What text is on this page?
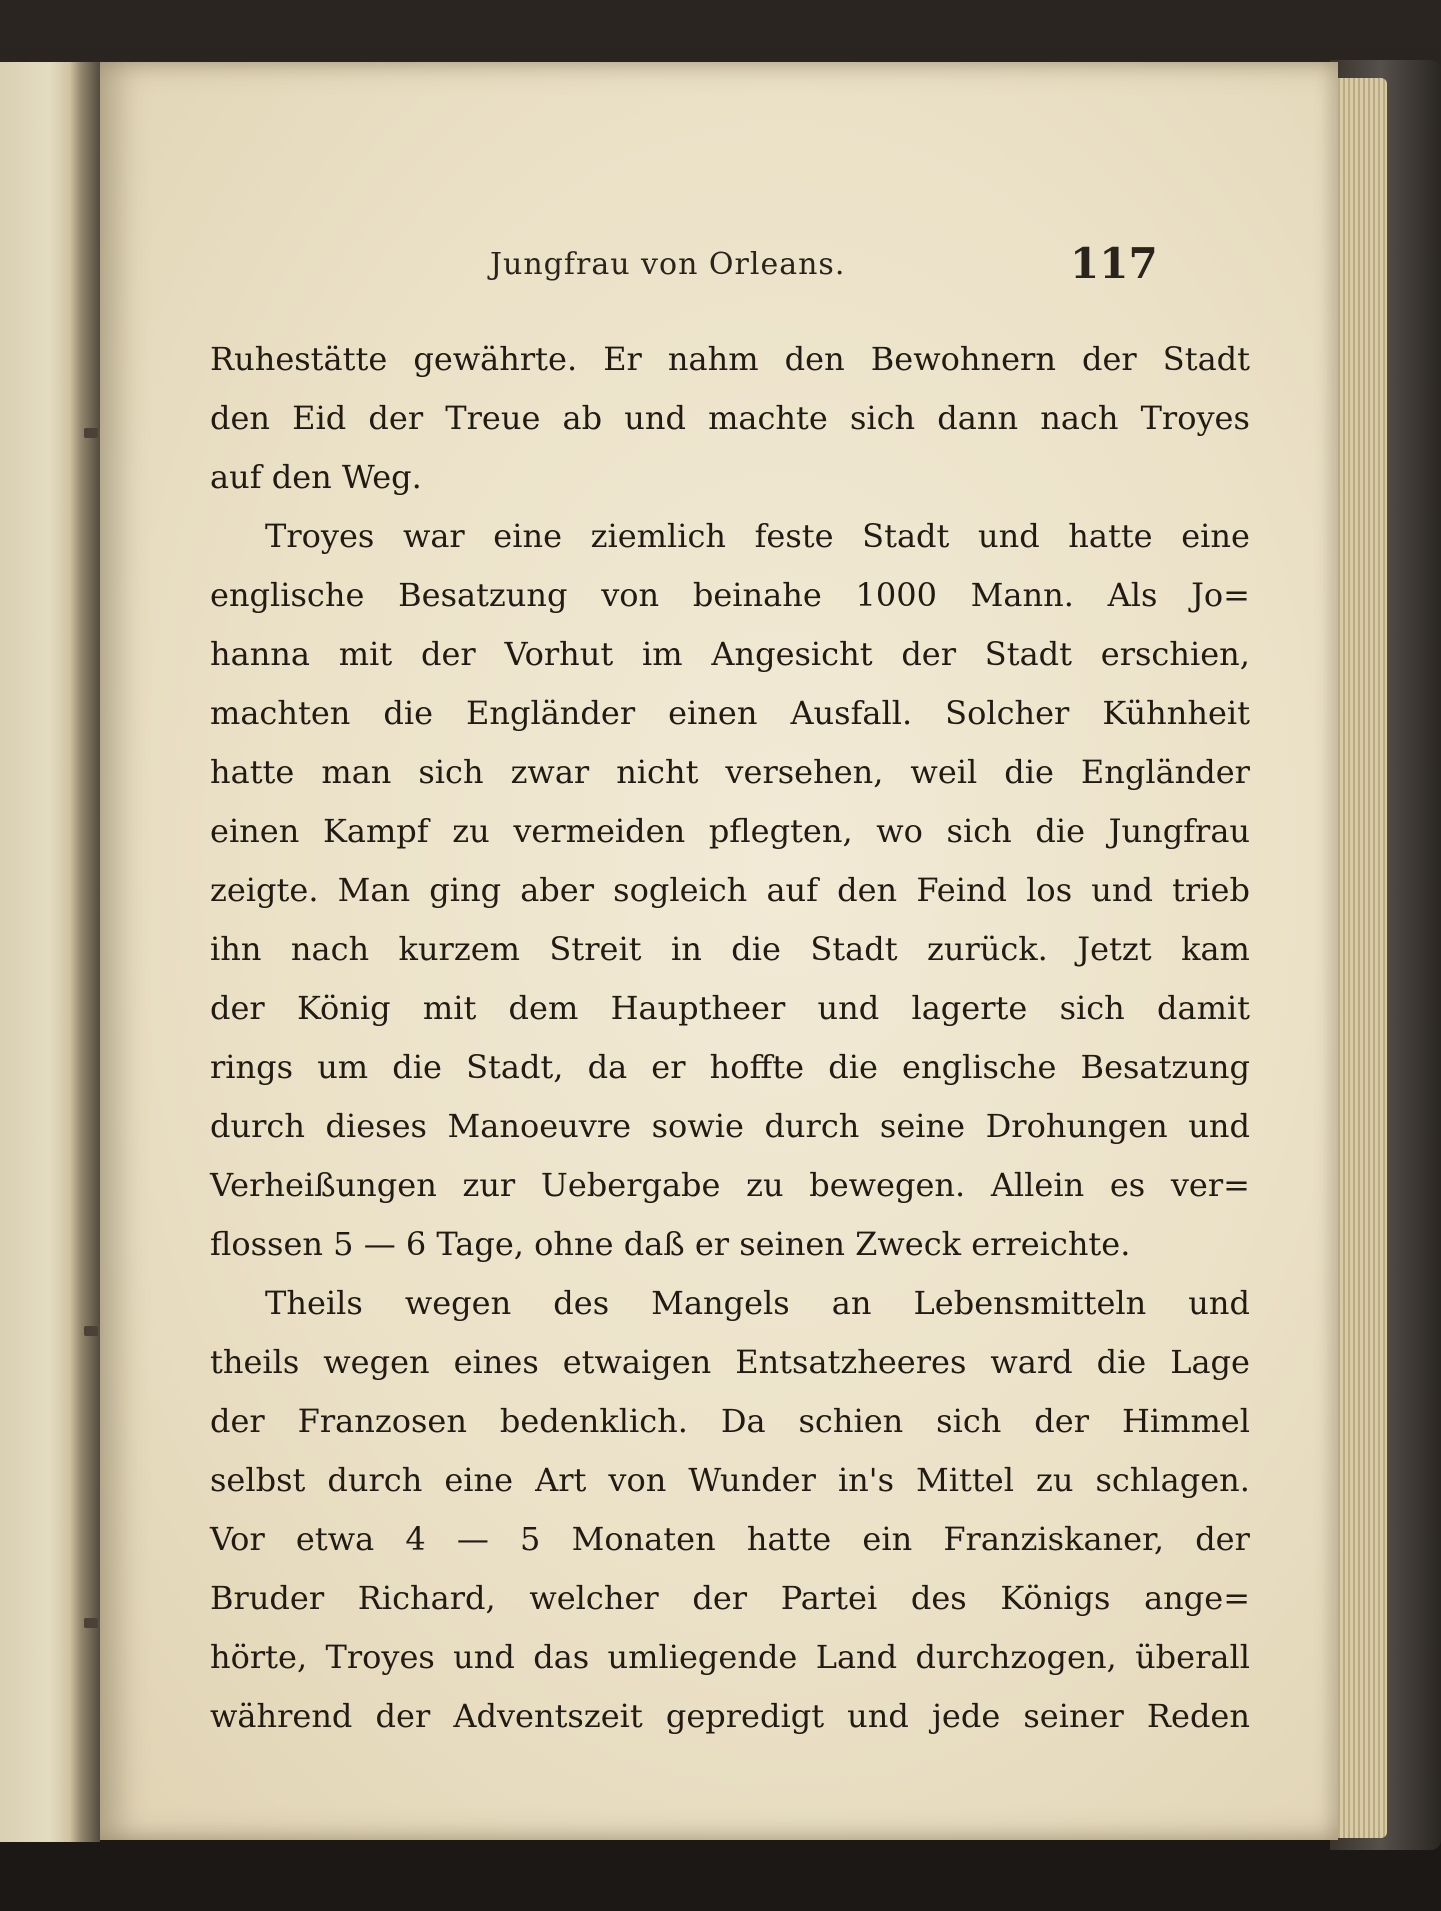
Jungfrau von Orleans.	117
Ruhestätte gewährte. Er nahm den Bewohnern der Stadt
den Eid der Treue ab und machte sich dann nach Troyes
auf den Weg.
Troyes war eine ziemlich feste Stadt und hatte eine
englische Besatzung von beinahe 1000 Mann. Als Jo=
hanna mit der Vorhut im Angesicht der Stadt erschien,
machten die Engländer einen Ausfall. Solcher Kühnheit
hatte man sich zwar nicht versehen, weil die Engländer
einen Kampf zu vermeiden pflegten, wo sich die Jungfrau
zeigte. Man ging aber sogleich auf den Feind los und trieb
ihn nach kurzem Streit in die Stadt zurück. Jetzt kam
der König mit dem Hauptheer und lagerte sich damit
rings um die Stadt, da er hoffte die englische Besatzung
durch dieses Manoeuvre sowie durch seine Drohungen und
Verheißungen zur Uebergabe zu bewegen. Allein es ver=
flossen 5 — 6 Tage, ohne daß er seinen Zweck erreichte.
Theils wegen des Mangels an Lebensmitteln und
theils wegen eines etwaigen Entsatzheeres ward die Lage
der Franzosen bedenklich. Da schien sich der Himmel
selbst durch eine Art von Wunder in's Mittel zu schlagen.
Vor etwa 4 — 5 Monaten hatte ein Franziskaner, der
Bruder Richard, welcher der Partei des Königs ange=
hörte, Troyes und das umliegende Land durchzogen, überall
während der Adventszeit gepredigt und jede seiner Reden
